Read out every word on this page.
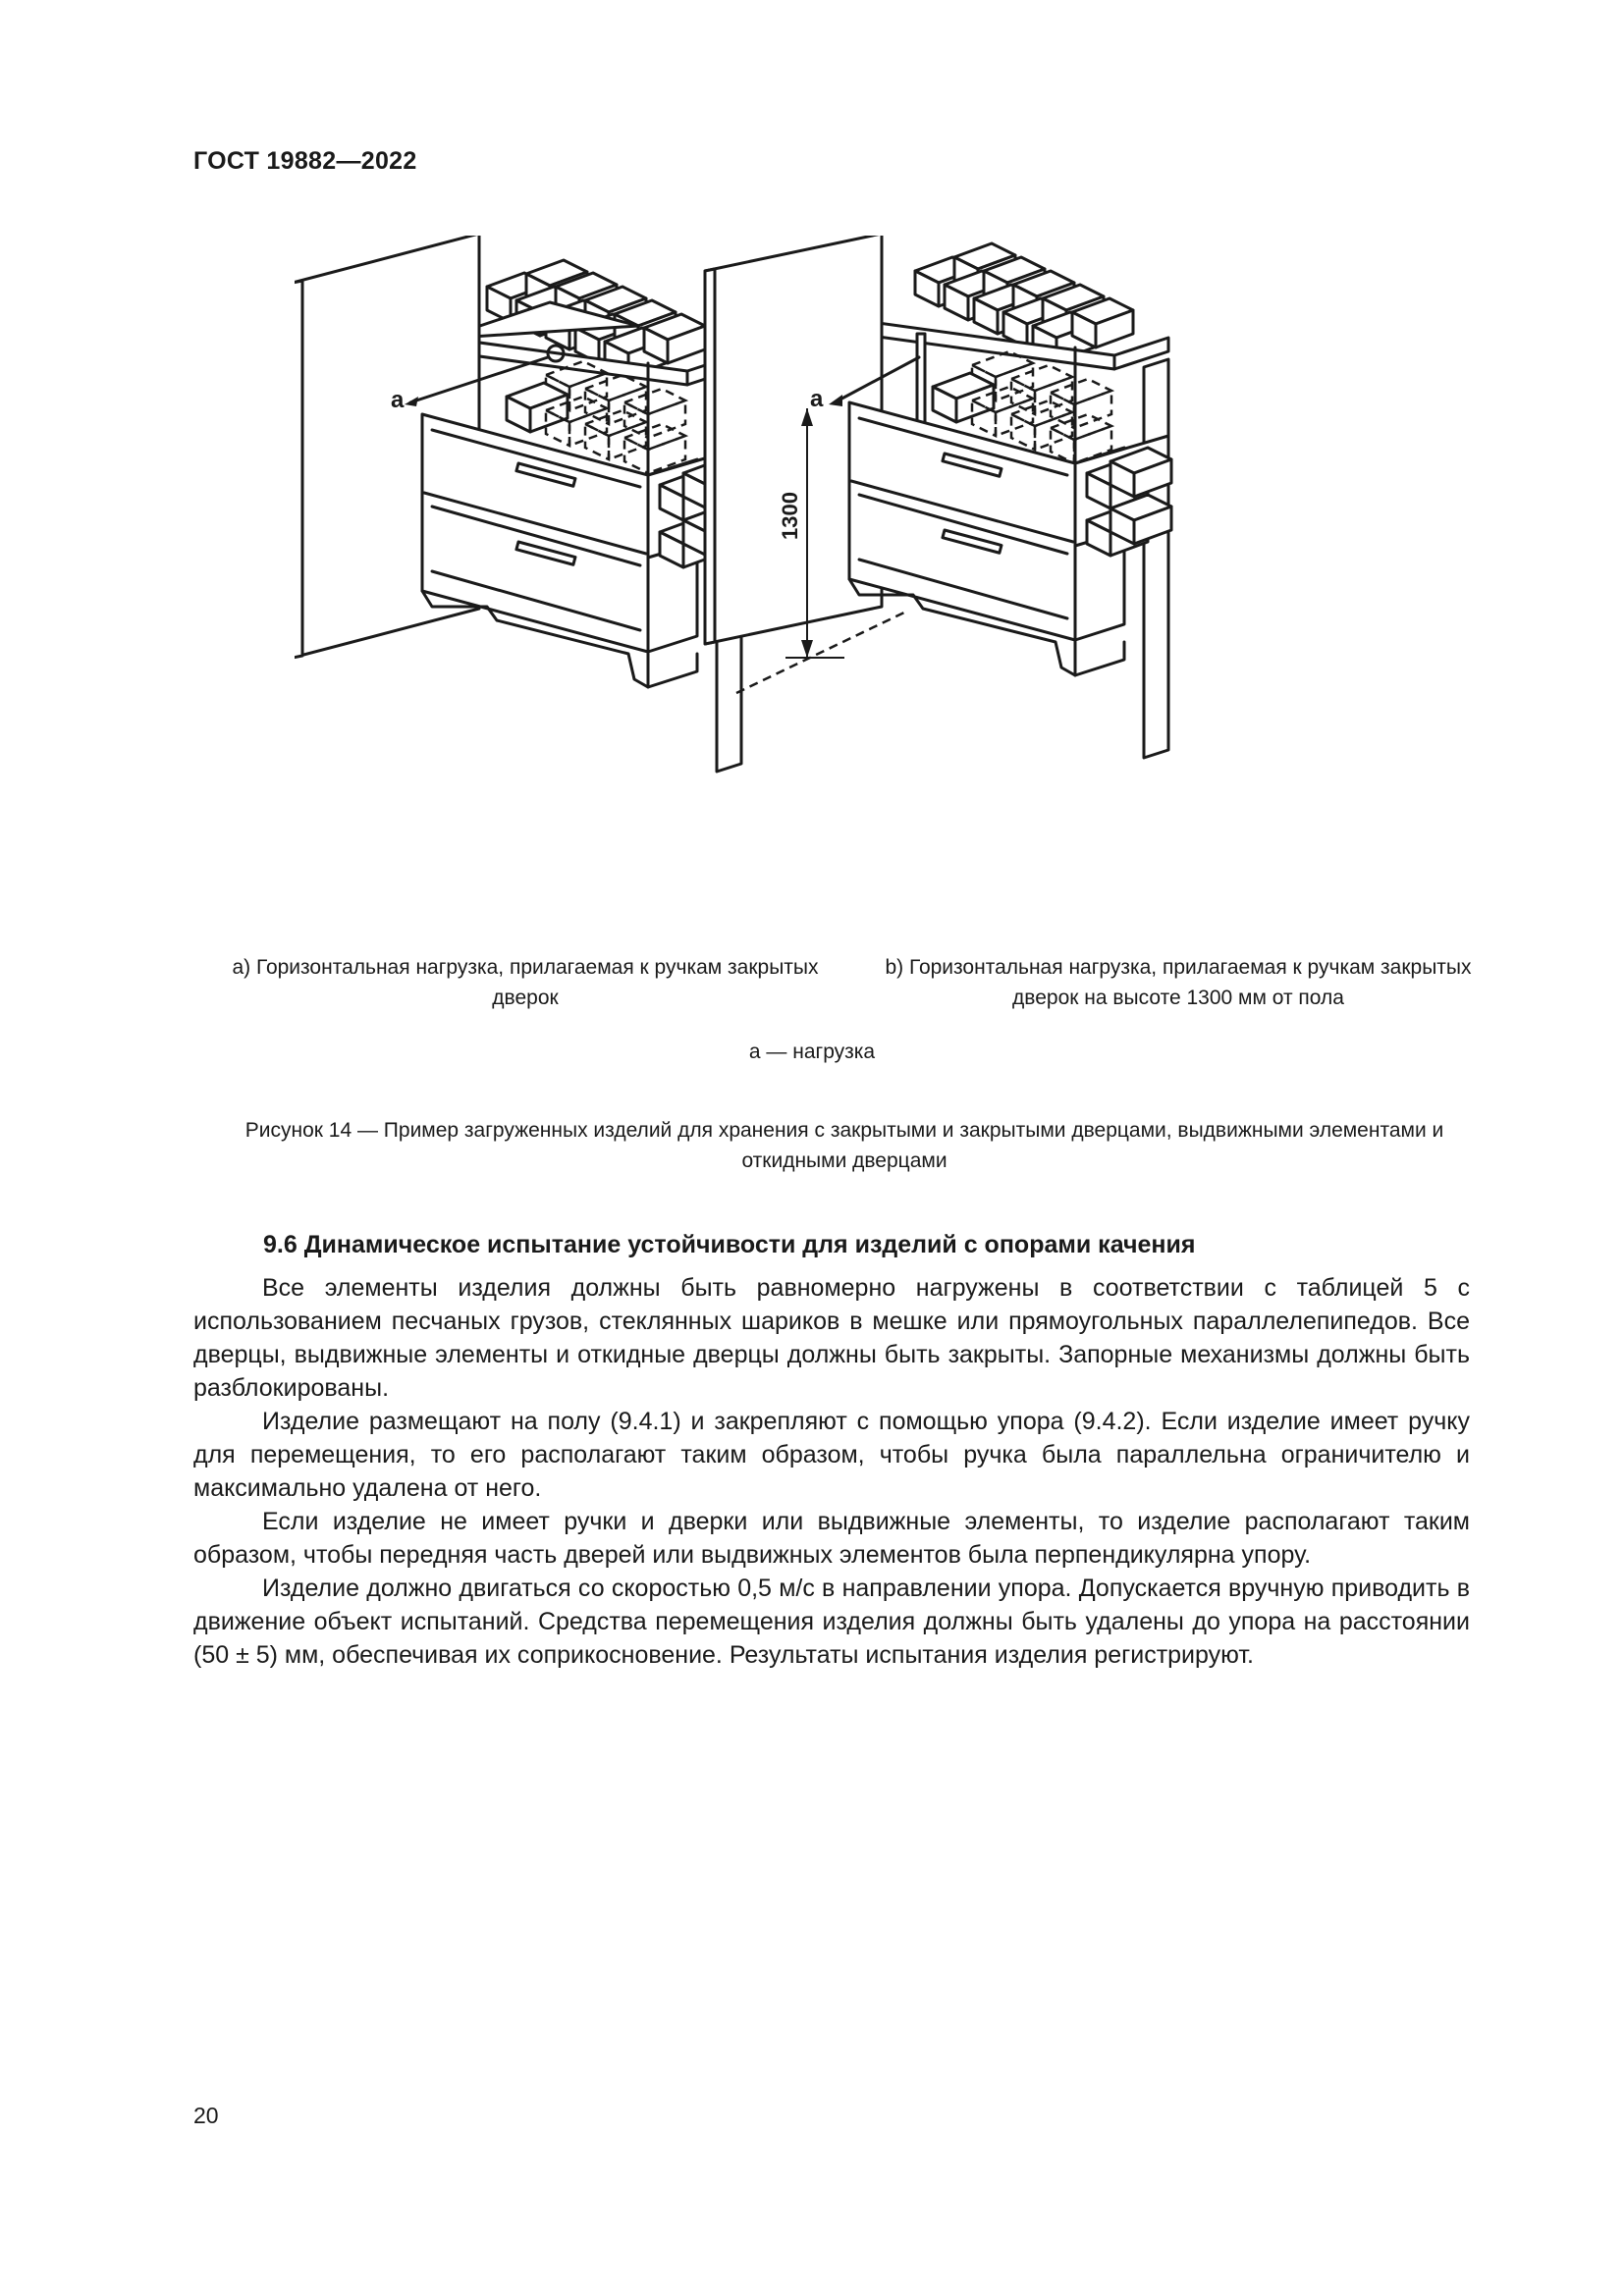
ГОСТ 19882—2022
a	a
1300
а) Горизонтальная нагрузка, прилагаемая к ручкам закрытых дверок
b) Горизонтальная нагрузка, прилагаемая к ручкам закрытых дверок на высоте 1300 мм от пола
а — нагрузка
Рисунок 14 — Пример загруженных изделий для хранения с закрытыми и закрытыми дверцами, выдвижными элементами и откидными дверцами
9.6 Динамическое испытание устойчивости для изделий с опорами качения

Все элементы изделия должны быть равномерно нагружены в соответствии с таблицей 5 с использованием песчаных грузов, стеклянных шариков в мешке или прямоугольных параллелепипедов. Все дверцы, выдвижные элементы и откидные дверцы должны быть закрыты. Запорные механизмы должны быть разблокированы.

Изделие размещают на полу (9.4.1) и закрепляют с помощью упора (9.4.2). Если изделие имеет ручку для перемещения, то его располагают таким образом, чтобы ручка была параллельна ограничителю и максимально удалена от него.

Если изделие не имеет ручки и дверки или выдвижные элементы, то изделие располагают таким образом, чтобы передняя часть дверей или выдвижных элементов была перпендикулярна упору.

Изделие должно двигаться со скоростью 0,5 м/с в направлении упора. Допускается вручную приводить в движение объект испытаний. Средства перемещения изделия должны быть удалены до упора на расстоянии (50 ± 5) мм, обеспечивая их соприкосновение. Результаты испытания изделия регистрируют.

20
